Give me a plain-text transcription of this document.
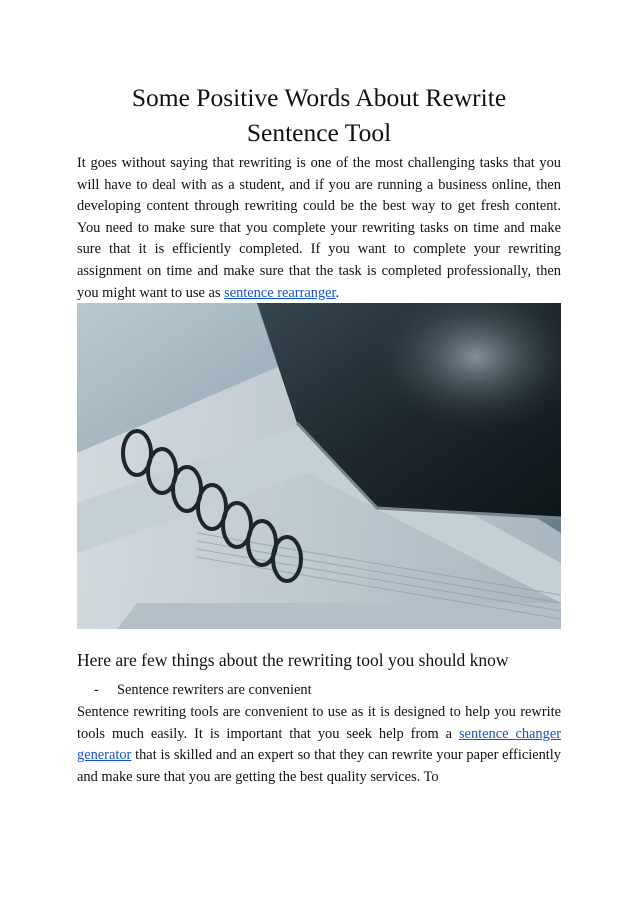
Some Positive Words About Rewrite
Sentence Tool

It goes without saying that rewriting is one of the most challenging tasks that you will have to deal with as a student, and if you are running a business online, then developing content through rewriting could be the best way to get fresh content. You need to make sure that you complete your rewriting tasks on time and make sure that it is efficiently completed. If you want to complete your rewriting assignment on time and make sure that the task is completed professionally, then you might want to use as sentence rearranger.

Here are few things about the rewriting tool you should know
- Sentence rewriters are convenient

Sentence rewriting tools are convenient to use as it is designed to help you rewrite tools much easily. It is important that you seek help from a sentence changer generator that is skilled and an expert so that they can rewrite your paper efficiently and make sure that you are getting the best quality services. To
